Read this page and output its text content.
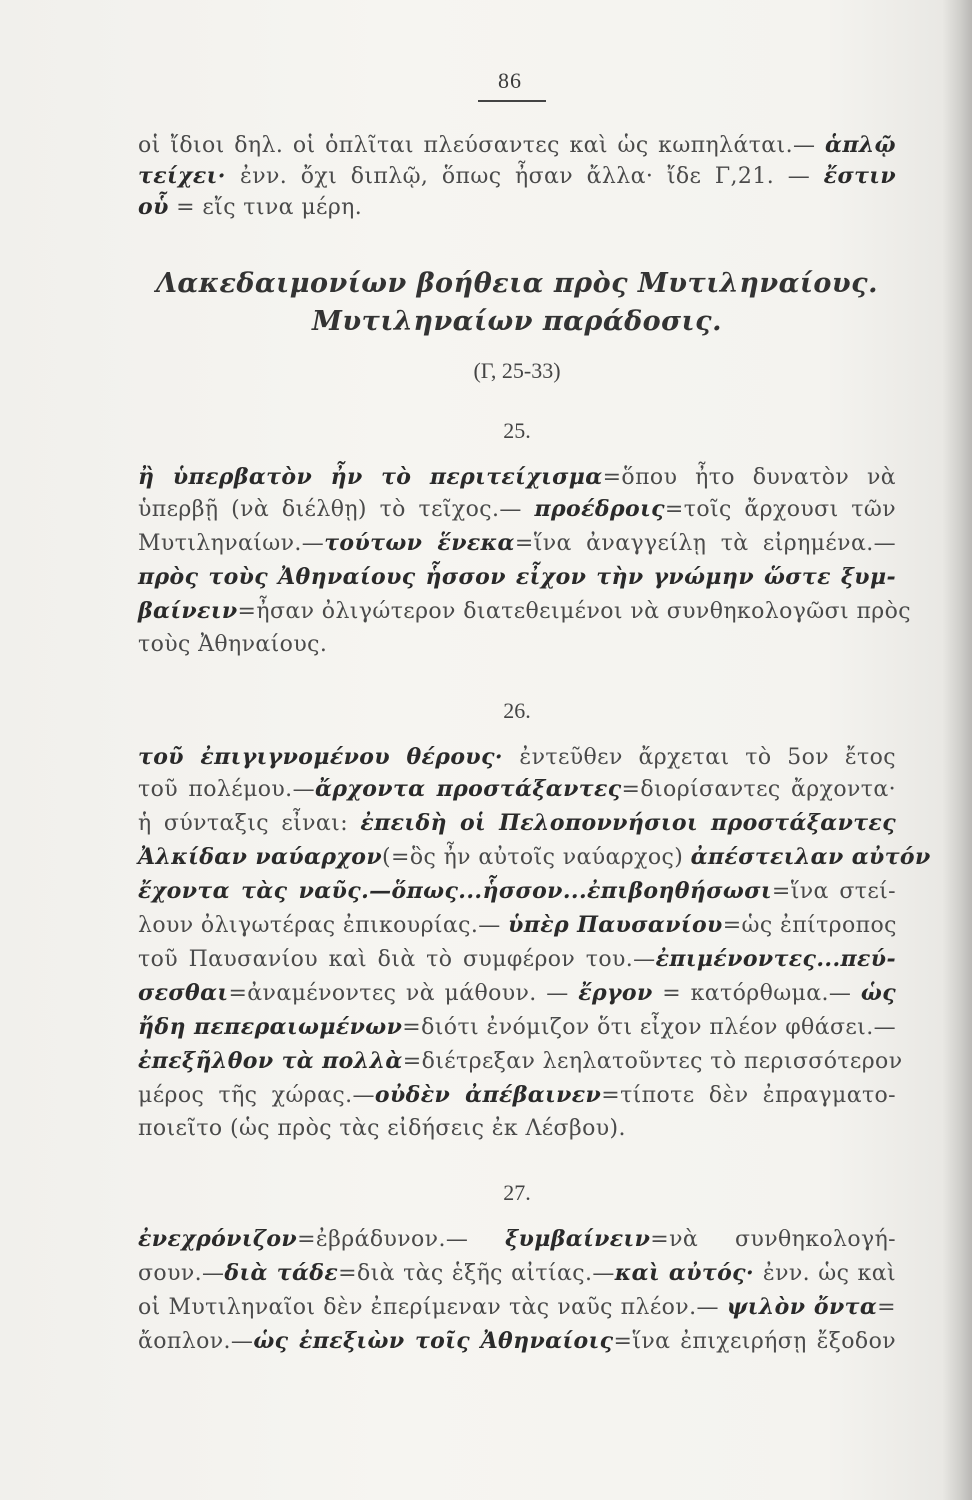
86
οἱ ἴδιοι δηλ. οἱ ὁπλῖται πλεύσαντες καὶ ὡς κωπηλάται.— ἁπλῷ
τείχει· ἐνν. ὄχι διπλῷ, ὅπως ἦσαν ἄλλα· ἴδε Γ,21. — ἔστιν
οὗ = εἴς τινα μέρη.
Λακεδαιμονίων βοήθεια πρὸς Μυτιληναίους.
Μυτιληναίων παράδοσις.
(Γ, 25-33)
25.
ἢ ὑπερβατὸν ἦν τὸ περιτείχισμα=ὅπου ἦτο δυνατὸν νὰ
ὑπερβῇ (νὰ διέλθῃ) τὸ τεῖχος.— προέδροις=τοῖς ἄρχουσι τῶν
Μυτιληναίων.—τούτων ἕνεκα=ἵνα ἀναγγείλῃ τὰ εἰρημένα.—
πρὸς τοὺς Ἀθηναίους ἧσσον εἶχον τὴν γνώμην ὥστε ξυμ-
βαίνειν=ἦσαν ὀλιγώτερον διατεθειμένοι νὰ συνθηκολογῶσι πρὸς
τοὺς Ἀθηναίους.
26.
τοῦ ἐπιγιγνομένου θέρους· ἐντεῦθεν ἄρχεται τὸ 5ον ἔτος
τοῦ πολέμου.—ἄρχοντα προστάξαντες=διορίσαντες ἄρχοντα·
ἡ σύνταξις εἶναι: ἐπειδὴ οἱ Πελοποννήσιοι προστάξαντες
Ἀλκίδαν ναύαρχον(=ὃς ἦν αὐτοῖς ναύαρχος) ἀπέστειλαν αὐτόν
ἔχοντα τὰς ναῦς.—ὅπως...ἧσσον...ἐπιβοηθήσωσι=ἵνα στεί-
λουν ὀλιγωτέρας ἐπικουρίας.— ὑπὲρ Παυσανίου=ὡς ἐπίτροπος
τοῦ Παυσανίου καὶ διὰ τὸ συμφέρον του.—ἐπιμένοντες...πεύ-
σεσθαι=ἀναμένοντες νὰ μάθουν. — ἔργον = κατόρθωμα.— ὡς
ἤδη πεπεραιωμένων=διότι ἐνόμιζον ὅτι εἶχον πλέον φθάσει.—
ἐπεξῆλθον τὰ πολλὰ=διέτρεξαν λεηλατοῦντες τὸ περισσότερον
μέρος τῆς χώρας.—οὐδὲν ἀπέβαινεν=τίποτε δὲν ἐπραγματο-
ποιεῖτο (ὡς πρὸς τὰς εἰδήσεις ἐκ Λέσβου).
27.
ἐνεχρόνιζον=ἐβράδυνον.— ξυμβαίνειν=νὰ συνθηκολογή-
σουν.—διὰ τάδε=διὰ τὰς ἑξῆς αἰτίας.—καὶ αὐτός· ἐνν. ὡς καὶ
οἱ Μυτιληναῖοι δὲν ἐπερίμεναν τὰς ναῦς πλέον.— ψιλὸν ὄντα=
ἄοπλον.—ὡς ἐπεξιὼν τοῖς Ἀθηναίοις=ἵνα ἐπιχειρήσῃ ἔξοδον
